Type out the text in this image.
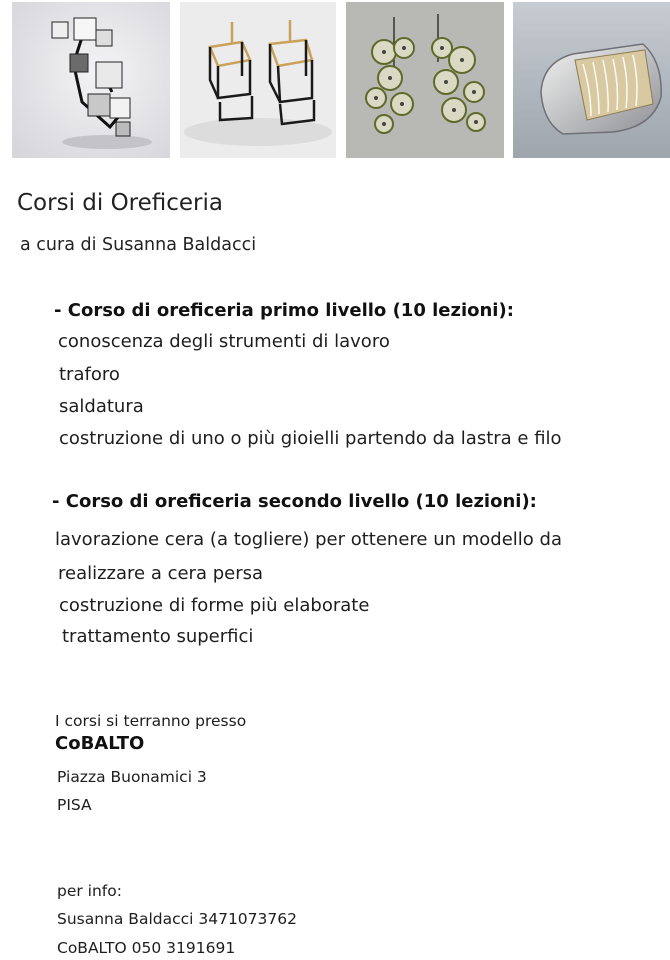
Corsi di Oreficeria

a cura di Susanna Baldacci

- Corso di oreficeria primo livello (10 lezioni):

conoscenza degli strumenti di lavoro

traforo

saldatura

costruzione di uno o più gioielli partendo da lastra e filo

- Corso di oreficeria secondo livello (10 lezioni):

lavorazione cera (a togliere) per ottenere un modello da

realizzare a cera persa

costruzione di forme più elaborate

trattamento superfici

I corsi si terranno presso

CoBALTO

Piazza Buonamici 3

PISA

per info:

Susanna Baldacci 3471073762

CoBALTO 050 3191691
